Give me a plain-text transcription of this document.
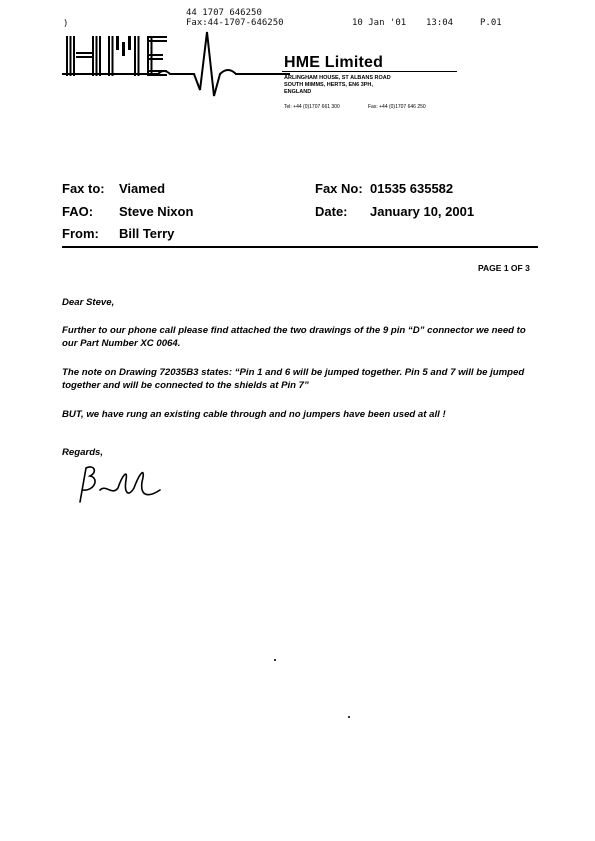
)
44 1707 646250
Fax:44-1707-646250	10 Jan '01 13:04	P.01
HME Limited
ARLINGHAM HOUSE, ST ALBANS ROAD
SOUTH MIMMS, HERTS, EN6 3PH,
ENGLAND
Tel: +44 (0)1707 661 300	Fax: +44 (0)1707 646 250
Fax to: Viamed	Fax No: 01535 635582
FAO: Steve Nixon	Date: January 10, 2001
From: Bill Terry
PAGE 1 OF 3
Dear Steve,
Further to our phone call please find attached the two drawings of the 9 pin “D” connector we need to our Part Number XC 0064.
The note on Drawing 72035B3 states: “Pin 1 and 6 will be jumped together. Pin 5 and 7 will be jumped together and will be connected to the shields at Pin 7”
BUT, we have rung an existing cable through and no jumpers have been used at all !
Regards,
